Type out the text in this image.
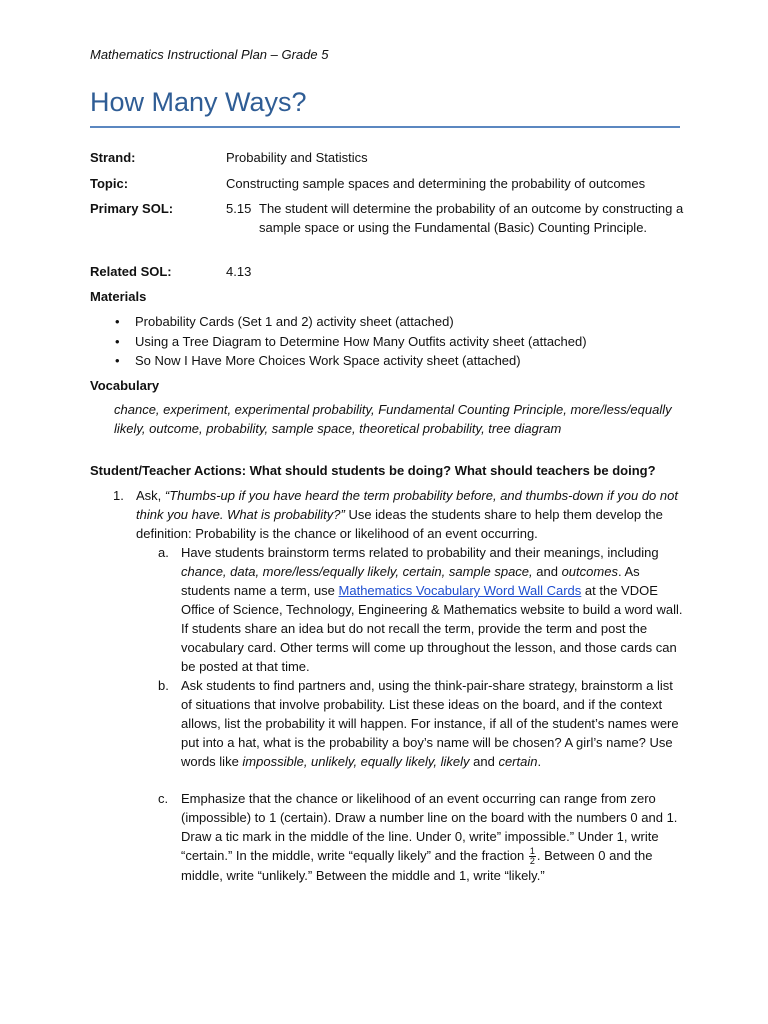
Mathematics Instructional Plan – Grade 5
How Many Ways?
Strand:	Probability and Statistics
Topic:	Constructing sample spaces and determining the probability of outcomes
Primary SOL:	5.15 The student will determine the probability of an outcome by constructing a sample space or using the Fundamental (Basic) Counting Principle.
Related SOL:	4.13
Materials
• Probability Cards (Set 1 and 2) activity sheet (attached)
• Using a Tree Diagram to Determine How Many Outfits activity sheet (attached)
• So Now I Have More Choices Work Space activity sheet (attached)
Vocabulary
chance, experiment, experimental probability, Fundamental Counting Principle, more/less/equally likely, outcome, probability, sample space, theoretical probability, tree diagram
Student/Teacher Actions: What should students be doing? What should teachers be doing?
1. Ask, “Thumbs-up if you have heard the term probability before, and thumbs-down if you do not think you have. What is probability?” Use ideas the students share to help them develop the definition: Probability is the chance or likelihood of an event occurring.
a. Have students brainstorm terms related to probability and their meanings, including chance, data, more/less/equally likely, certain, sample space, and outcomes. As students name a term, use Mathematics Vocabulary Word Wall Cards at the VDOE Office of Science, Technology, Engineering & Mathematics website to build a word wall. If students share an idea but do not recall the term, provide the term and post the vocabulary card. Other terms will come up throughout the lesson, and those cards can be posted at that time.
b. Ask students to find partners and, using the think-pair-share strategy, brainstorm a list of situations that involve probability. List these ideas on the board, and if the context allows, list the probability it will happen. For instance, if all of the student’s names were put into a hat, what is the probability a boy’s name will be chosen? A girl’s name? Use words like impossible, unlikely, equally likely, likely and certain.
c. Emphasize that the chance or likelihood of an event occurring can range from zero (impossible) to 1 (certain). Draw a number line on the board with the numbers 0 and 1. Draw a tic mark in the middle of the line. Under 0, write” impossible.” Under 1, write “certain.” In the middle, write “equally likely” and the fraction $\frac{1}{2}$ . Between 0 and the middle, write “unlikely.” Between the middle and 1, write “likely.”
